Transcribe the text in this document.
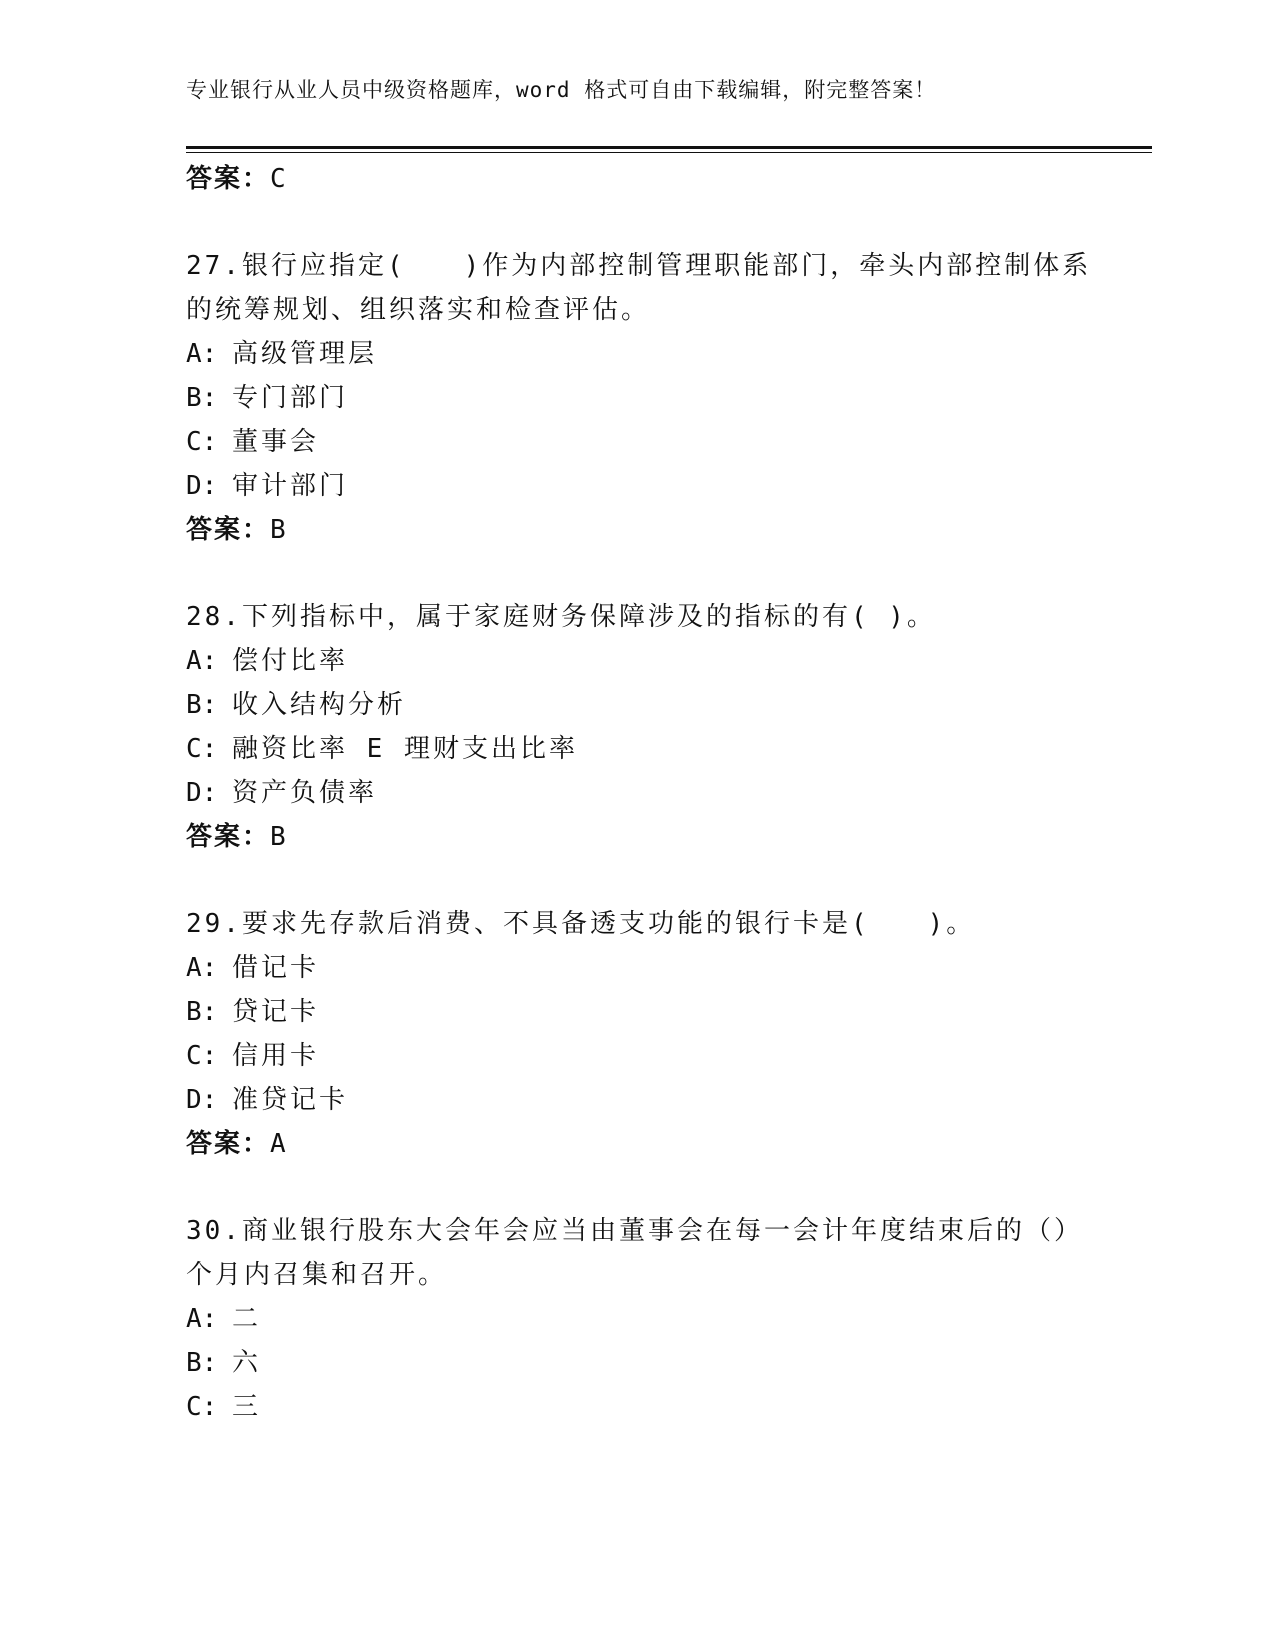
专业银行从业人员中级资格题库，word 格式可自由下载编辑，附完整答案！
答案：C
27.银行应指定(　　)作为内部控制管理职能部门，牵头内部控制体系
的统筹规划、组织落实和检查评估。
A: 高级管理层
B: 专门部门
C: 董事会
D: 审计部门
答案：B
28.下列指标中，属于家庭财务保障涉及的指标的有( )。
A: 偿付比率
B: 收入结构分析
C: 融资比率 E 理财支出比率
D: 资产负债率
答案：B
29.要求先存款后消费、不具备透支功能的银行卡是(　　)。
A: 借记卡
B: 贷记卡
C: 信用卡
D: 准贷记卡
答案：A
30.商业银行股东大会年会应当由董事会在每一会计年度结束后的（）
个月内召集和召开。
A: 二
B: 六
C: 三
